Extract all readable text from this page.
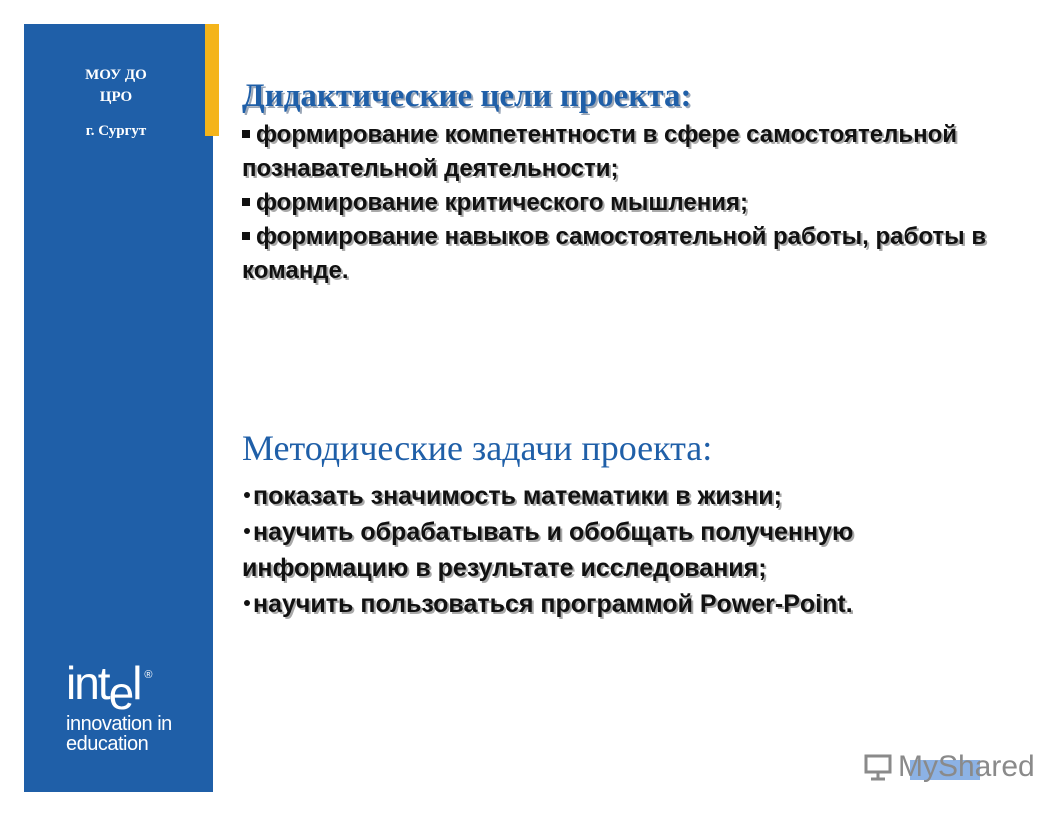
МОУ ДО
ЦРО
г. Сургут
int e l ®
innovation in
education
Дидактические цели проекта:
формирование компетентности в сфере самостоятельной познавательной деятельности;
формирование критического мышления;
формирование навыков самостоятельной работы, работы в команде.
Методические задачи проекта:
показать значимость математики в жизни;
научить обрабатывать и обобщать полученную информацию в результате исследования;
научить пользоваться программой Power-Point.
MyShared
